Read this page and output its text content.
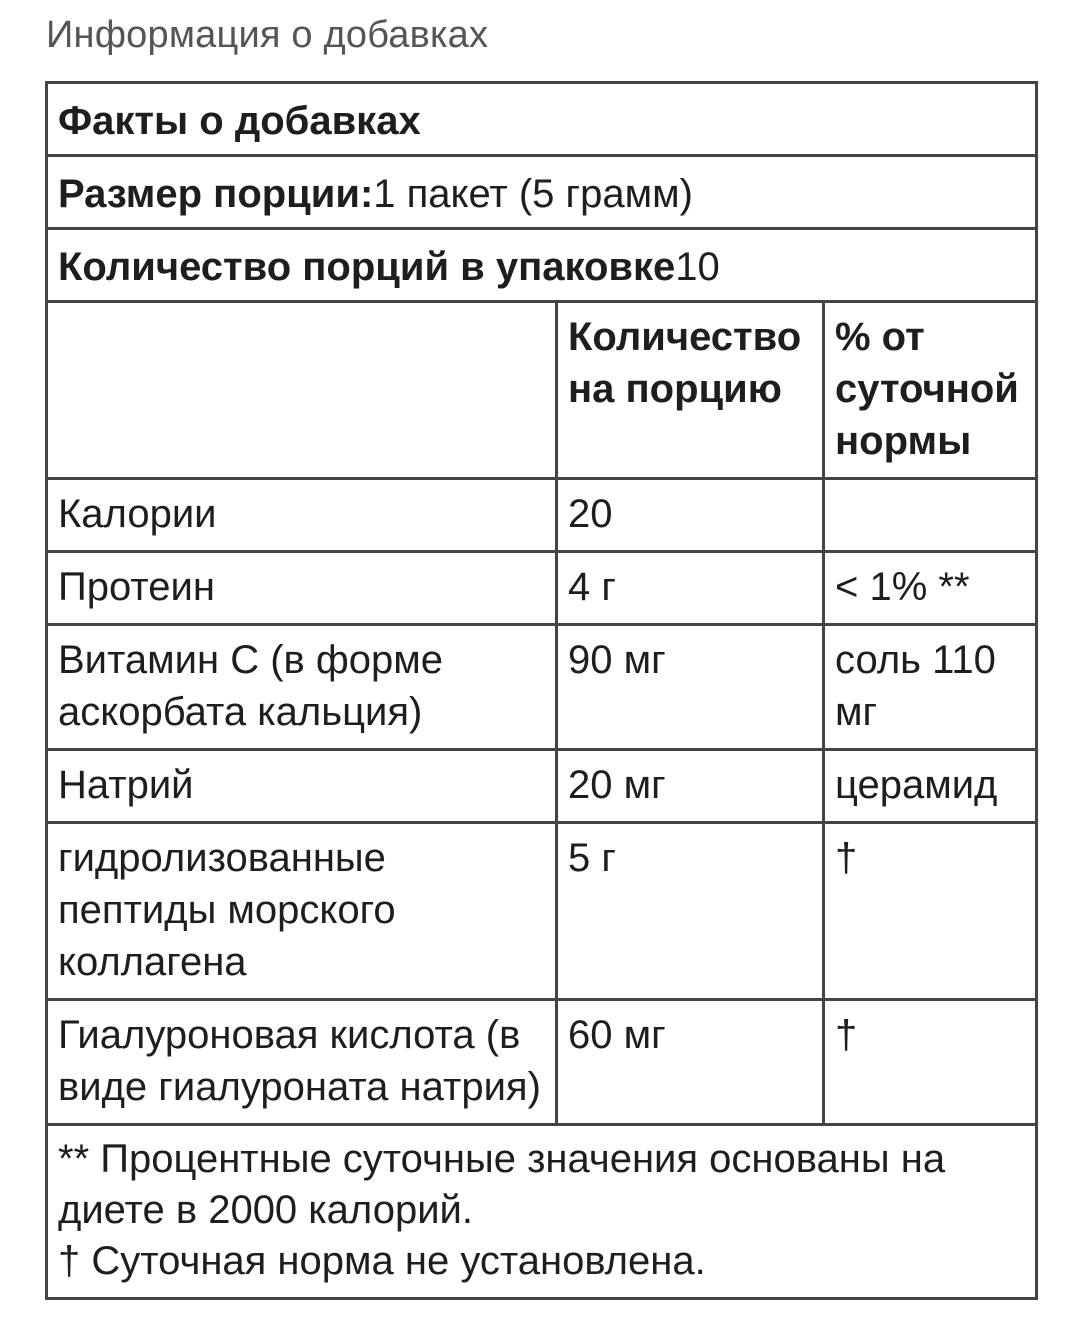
Информация о добавках
Факты о добавках		
Размер порции:1 пакет (5 грамм)		
Количество порций в упаковке10		
	Количество на порцию	% от суточной нормы
Калории	20	
Протеин	4 г	< 1% **
Витамин С (в форме аскорбата кальция)	90 мг	соль 110 мг
Натрий	20 мг	церамид
гидролизованные пептиды морского коллагена	5 г	†
Гиалуроновая кислота (в виде гиалуроната натрия)	60 мг	†

** Процентные суточные значения основаны на диете в 2000 калорий.
† Суточная норма не установлена.		
